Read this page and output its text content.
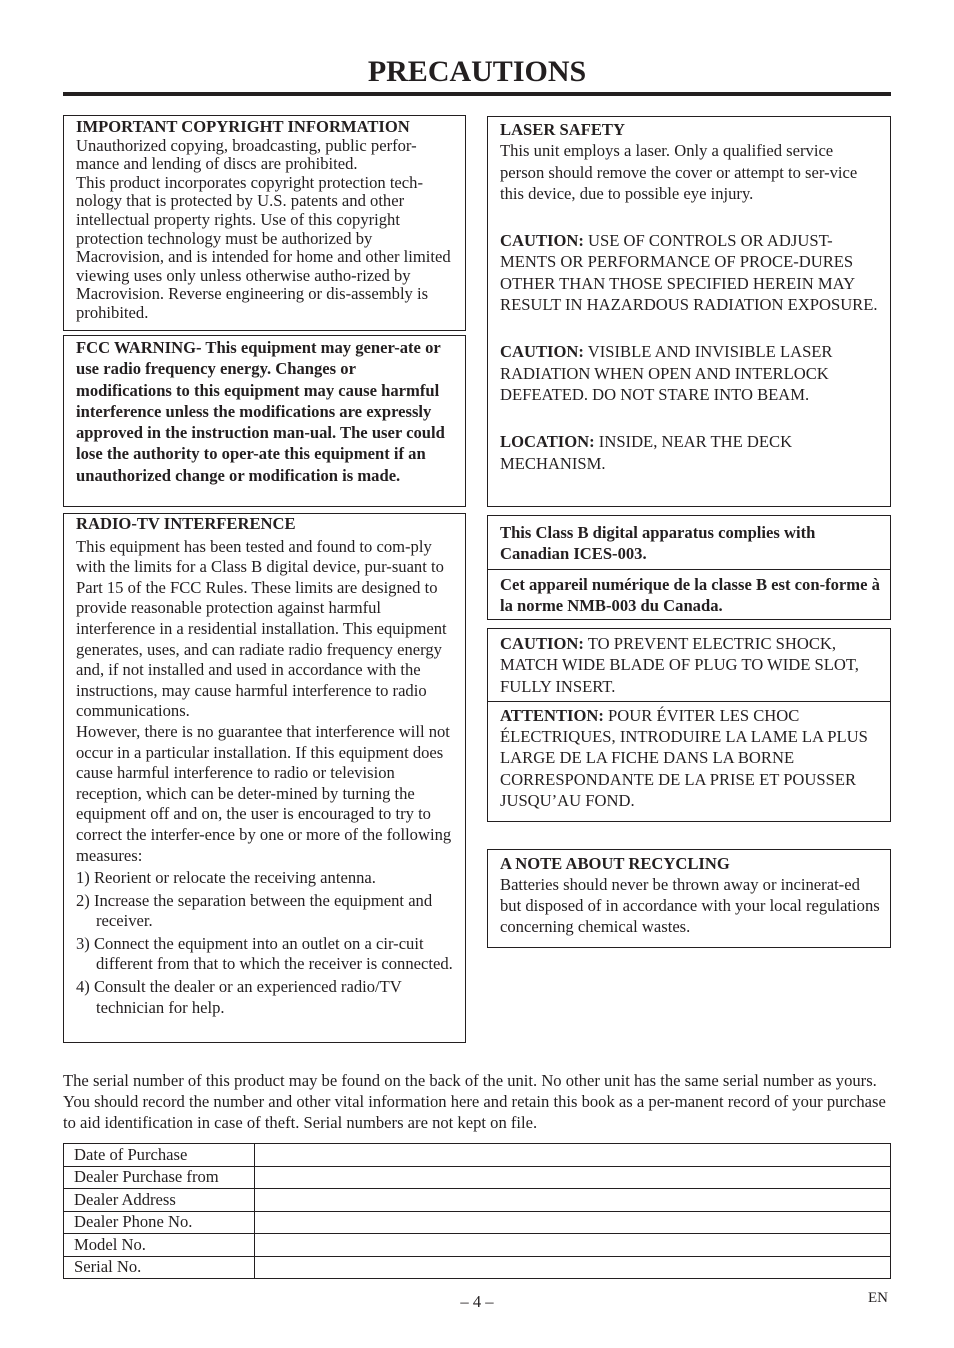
PRECAUTIONS

IMPORTANT COPYRIGHT INFORMATION

Unauthorized copying, broadcasting, public perfor-mance and lending of discs are prohibited.

This product incorporates copyright protection tech-nology that is protected by U.S. patents and other intellectual property rights. Use of this copyright protection technology must be authorized by Macrovision, and is intended for home and other limited viewing uses only unless otherwise autho-rized by Macrovision. Reverse engineering or dis-assembly is prohibited.

FCC WARNING- This equipment may gener-ate or use radio frequency energy. Changes or modifications to this equipment may cause harmful interference unless the modifications are expressly approved in the instruction man-ual. The user could lose the authority to oper-ate this equipment if an unauthorized change or modification is made.

RADIO-TV INTERFERENCE

This equipment has been tested and found to com-ply with the limits for a Class B digital device, pur-suant to Part 15 of the FCC Rules. These limits are designed to provide reasonable protection against harmful interference in a residential installation. This equipment generates, uses, and can radiate radio frequency energy and, if not installed and used in accordance with the instructions, may cause harmful interference to radio communications.

However, there is no guarantee that interference will not occur in a particular installation. If this equipment does cause harmful interference to radio or television reception, which can be deter-mined by turning the equipment off and on, the user is encouraged to try to correct the interfer-ence by one or more of the following measures:

1) Reorient or relocate the receiving antenna.
2) Increase the separation between the equipment and receiver.
3) Connect the equipment into an outlet on a cir-cuit different from that to which the receiver is connected.
4) Consult the dealer or an experienced radio/TV technician for help.

LASER SAFETY

This unit employs a laser. Only a qualified service person should remove the cover or attempt to ser-vice this device, due to possible eye injury.

CAUTION: USE OF CONTROLS OR ADJUST-MENTS OR PERFORMANCE OF PROCE-DURES OTHER THAN THOSE SPECIFIED HEREIN MAY RESULT IN HAZARDOUS RADIATION EXPOSURE.

CAUTION: VISIBLE AND INVISIBLE LASER RADIATION WHEN OPEN AND INTERLOCK DEFEATED. DO NOT STARE INTO BEAM.

LOCATION: INSIDE, NEAR THE DECK MECHANISM.

This Class B digital apparatus complies with Canadian ICES-003.

Cet appareil numérique de la classe B est con-forme à la norme NMB-003 du Canada.

CAUTION: TO PREVENT ELECTRIC SHOCK, MATCH WIDE BLADE OF PLUG TO WIDE SLOT, FULLY INSERT.

ATTENTION: POUR ÉVITER LES CHOC ÉLECTRIQUES, INTRODUIRE LA LAME LA PLUS LARGE DE LA FICHE DANS LA BORNE CORRESPONDANTE DE LA PRISE ET POUSSER JUSQU’AU FOND.

A NOTE ABOUT RECYCLING

Batteries should never be thrown away or incinerat-ed but disposed of in accordance with your local regulations concerning chemical wastes.

The serial number of this product may be found on the back of the unit. No other unit has the same serial number as yours. You should record the number and other vital information here and retain this book as a per-manent record of your purchase to aid identification in case of theft. Serial numbers are not kept on file.
Date of Purchase	
Dealer Purchase from	
Dealer Address	
Dealer Phone No.	
Model No.	
Serial No.	
– 4 –	EN
